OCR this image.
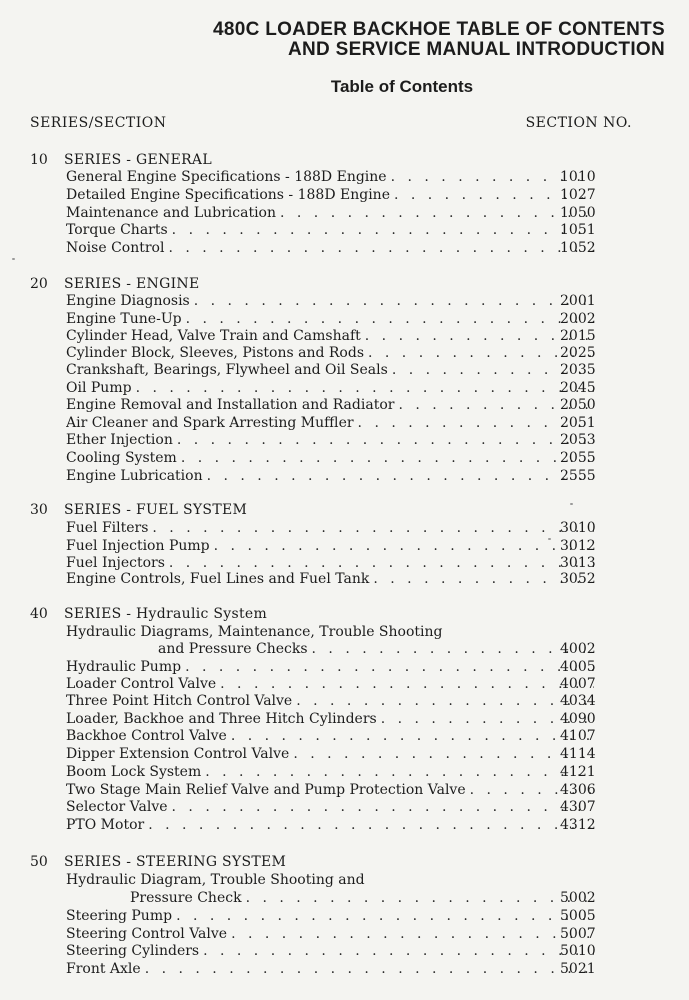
480C LOADER BACKHOE TABLE OF CONTENTS
AND SERVICE MANUAL INTRODUCTION
Table of Contents
SERIES/SECTION	SECTION NO.
10	SERIES - GENERAL
General Engine Specifications - 188D Engine . . .	1010
Detailed Engine Specifications - 188D Engine . . .	1027
Maintenance and Lubrication . . .	1050
Torque Charts . . .	1051
Noise Control . . .	1052
20	SERIES - ENGINE
Engine Diagnosis . . .	2001
Engine Tune-Up . . .	2002
Cylinder Head, Valve Train and Camshaft . . .	2015
Cylinder Block, Sleeves, Pistons and Rods . . .	2025
Crankshaft, Bearings, Flywheel and Oil Seals . . .	2035
Oil Pump . . .	2045
Engine Removal and Installation and Radiator . . .	2050
Air Cleaner and Spark Arresting Muffler . . .	2051
Ether Injection . . .	2053
Cooling System . . .	2055
Engine Lubrication . . .	2555
30	SERIES - FUEL SYSTEM
Fuel Filters . . .	3010
Fuel Injection Pump . . .	3012
Fuel Injectors . . .	3013
Engine Controls, Fuel Lines and Fuel Tank . . .	3052
40	SERIES - Hydraulic System
Hydraulic Diagrams, Maintenance, Trouble Shooting
and Pressure Checks . . .	4002
Hydraulic Pump . . .	4005
Loader Control Valve . . .	4007
Three Point Hitch Control Valve . . .	4034
Loader, Backhoe and Three Hitch Cylinders . . .	4090
Backhoe Control Valve . . .	4107
Dipper Extension Control Valve . . .	4114
Boom Lock System . . .	4121
Two Stage Main Relief Valve and Pump Protection Valve . . .	4306
Selector Valve . . .	4307
PTO Motor . . .	4312
50	SERIES - STEERING SYSTEM
Hydraulic Diagram, Trouble Shooting and
Pressure Check . . .	5002
Steering Pump . . .	5005
Steering Control Valve . . .	5007
Steering Cylinders . . .	5010
Front Axle . . .	5021
